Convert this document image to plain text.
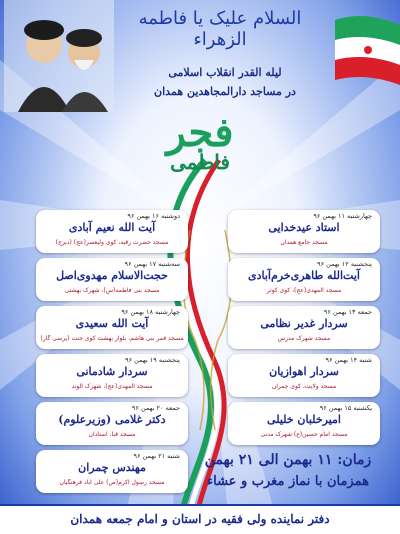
السلام علیک یا فاطمه الزهراء
لیله القدر انقلاب اسلامی
در مساجد دارالمجاهدین همدان
فجر
فاطمی
چهارشنبه ۱۱ بهمن ۹۶
استاد عیدخدایی
مسجد جامع همدان
پنجشنبه ۱۲ بهمن ۹۶
آیت‌الله طاهری‌خرم‌آبادی
مسجد المهدی(عج)، کوی کوثر
جمعه ۱۳ بهمن ۹۶
سردار غدیر نظامی
مسجد شهرک مدرس
شنبه ۱۴ بهمن ۹۶
سردار اهوازیان
مسجد ولایت، کوی چمران
یکشنبه ۱۵ بهمن ۹۶
امیرخلبان خلیلی
مسجد امام حسین(ع) شهرک مدنی
دوشنبه ۱۶ بهمن ۹۶
آیت الله نعیم آبادی
مسجد حضرت رقیه، کوی ولیعصر(عج) (دیزج)
سه‌شنبه ۱۷ بهمن ۹۶
حجت‌الاسلام مهدوی‌اصل
مسجد بنی فاطمه(س)، شهرک بهشتی
چهارشنبه ۱۸ بهمن ۹۶
آیت الله سعیدی
مسجد قمر بنی هاشم، بلوار بهشت کوی جنت (پرسی گاز)
پنجشنبه ۱۹ بهمن ۹۶
سردار شادمانی
مسجد المهدی(عج)، شهرک الوند
جمعه ۲۰ بهمن ۹۶
دکتر غلامی (وزیرعلوم)
مسجد قبا، استادان
شنبه ۲۱ بهمن ۹۶
مهندس چمران
مسجد رسول اکرم(ص) علی آباد فرهنگیان
زمان: ۱۱ بهمن الی ۲۱ بهمن
همزمان با نماز مغرب و عشاء
دفتر نماینده ولی فقیه در استان و امام جمعه همدان
